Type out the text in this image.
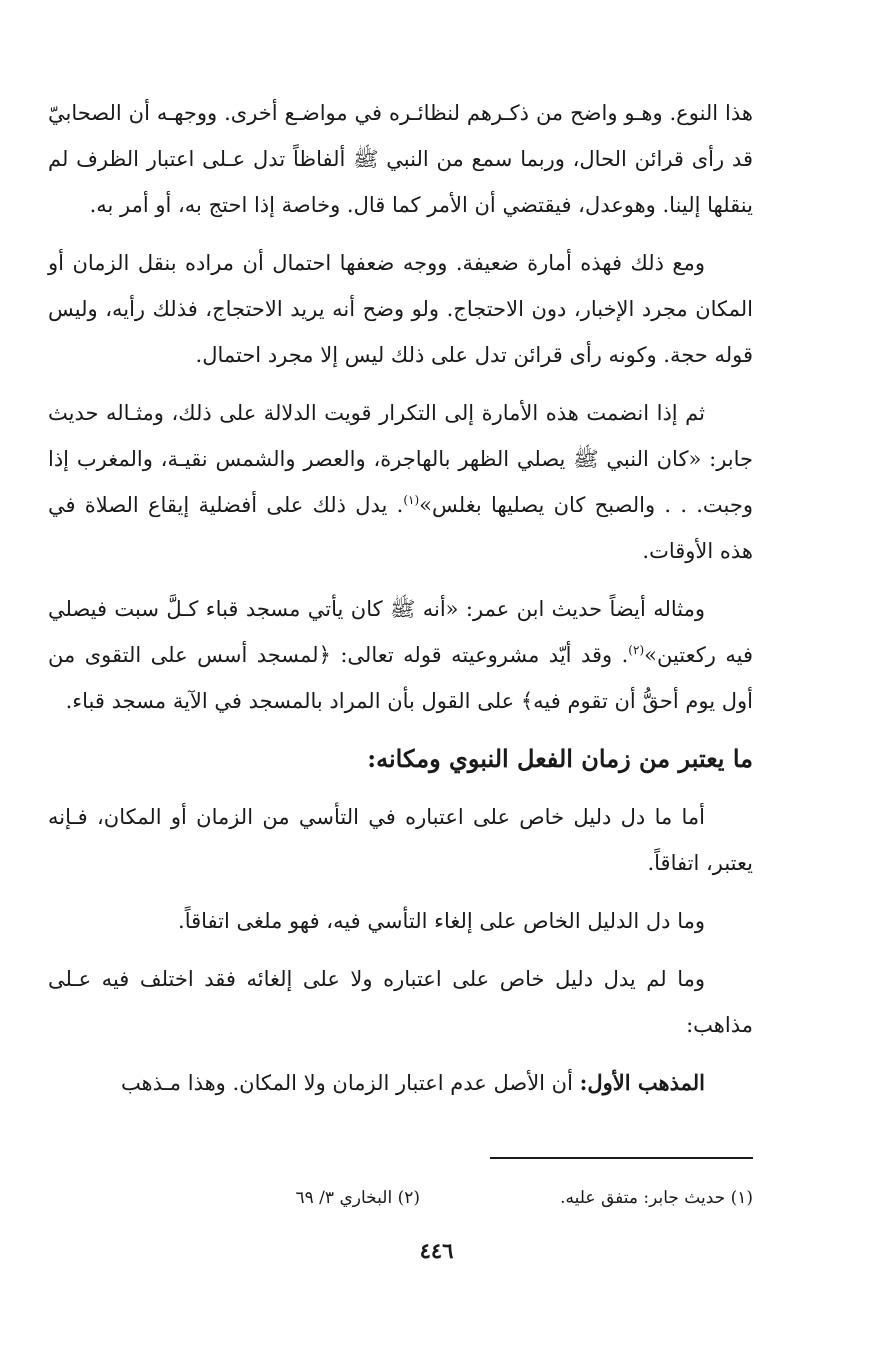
هذا النوع. وهـو واضح من ذكـرهم لنظائـره في مواضـع أخرى. ووجهـه أن الصحابيّ قد رأى قرائن الحال، وربما سمع من النبي ﷺ ألفاظاً تدل عـلى اعتبار الظرف لم ينقلها إلينا. وهوعدل، فيقتضي أن الأمر كما قال. وخاصة إذا احتج به، أو أمر به.

ومع ذلك فهذه أمارة ضعيفة. ووجه ضعفها احتمال أن مراده بنقل الزمان أو المكان مجرد الإخبار، دون الاحتجاج. ولو وضح أنه يريد الاحتجاج، فذلك رأيه، وليس قوله حجة. وكونه رأى قرائن تدل على ذلك ليس إلا مجرد احتمال.

ثم إذا انضمت هذه الأمارة إلى التكرار قويت الدلالة على ذلك، ومثـاله حديث جابر: «كان النبي ﷺ يصلي الظهر بالهاجرة، والعصر والشمس نقيـة، والمغرب إذا وجبت. . . والصبح كان يصليها بغلس»$^{(١)}$. يدل ذلك على أفضلية إيقاع الصلاة في هذه الأوقات.

ومثاله أيضاً حديث ابن عمر: «أنه ﷺ كان يأتي مسجد قباء كـلَّ سبت فيصلي فيه ركعتين»$^{(٢)}$. وقد أيّد مشروعيته قوله تعالى: ﴿لمسجد أسس على التقوى من أول يوم أحقُّ أن تقوم فيه﴾ على القول بأن المراد بالمسجد في الآية مسجد قباء.

ما يعتبر من زمان الفعل النبوي ومكانه:

أما ما دل دليل خاص على اعتباره في التأسي من الزمان أو المكان، فـإنه يعتبر، اتفاقاً.

وما دل الدليل الخاص على إلغاء التأسي فيه، فهو ملغى اتفاقاً.

وما لم يدل دليل خاص على اعتباره ولا على إلغائه فقد اختلف فيه عـلى مذاهب:

المذهب الأول: أن الأصل عدم اعتبار الزمان ولا المكان. وهذا مـذهب

(١) حديث جابر: متفق عليه.
(٢) البخاري ٣/ ٦٩
٤٤٦
